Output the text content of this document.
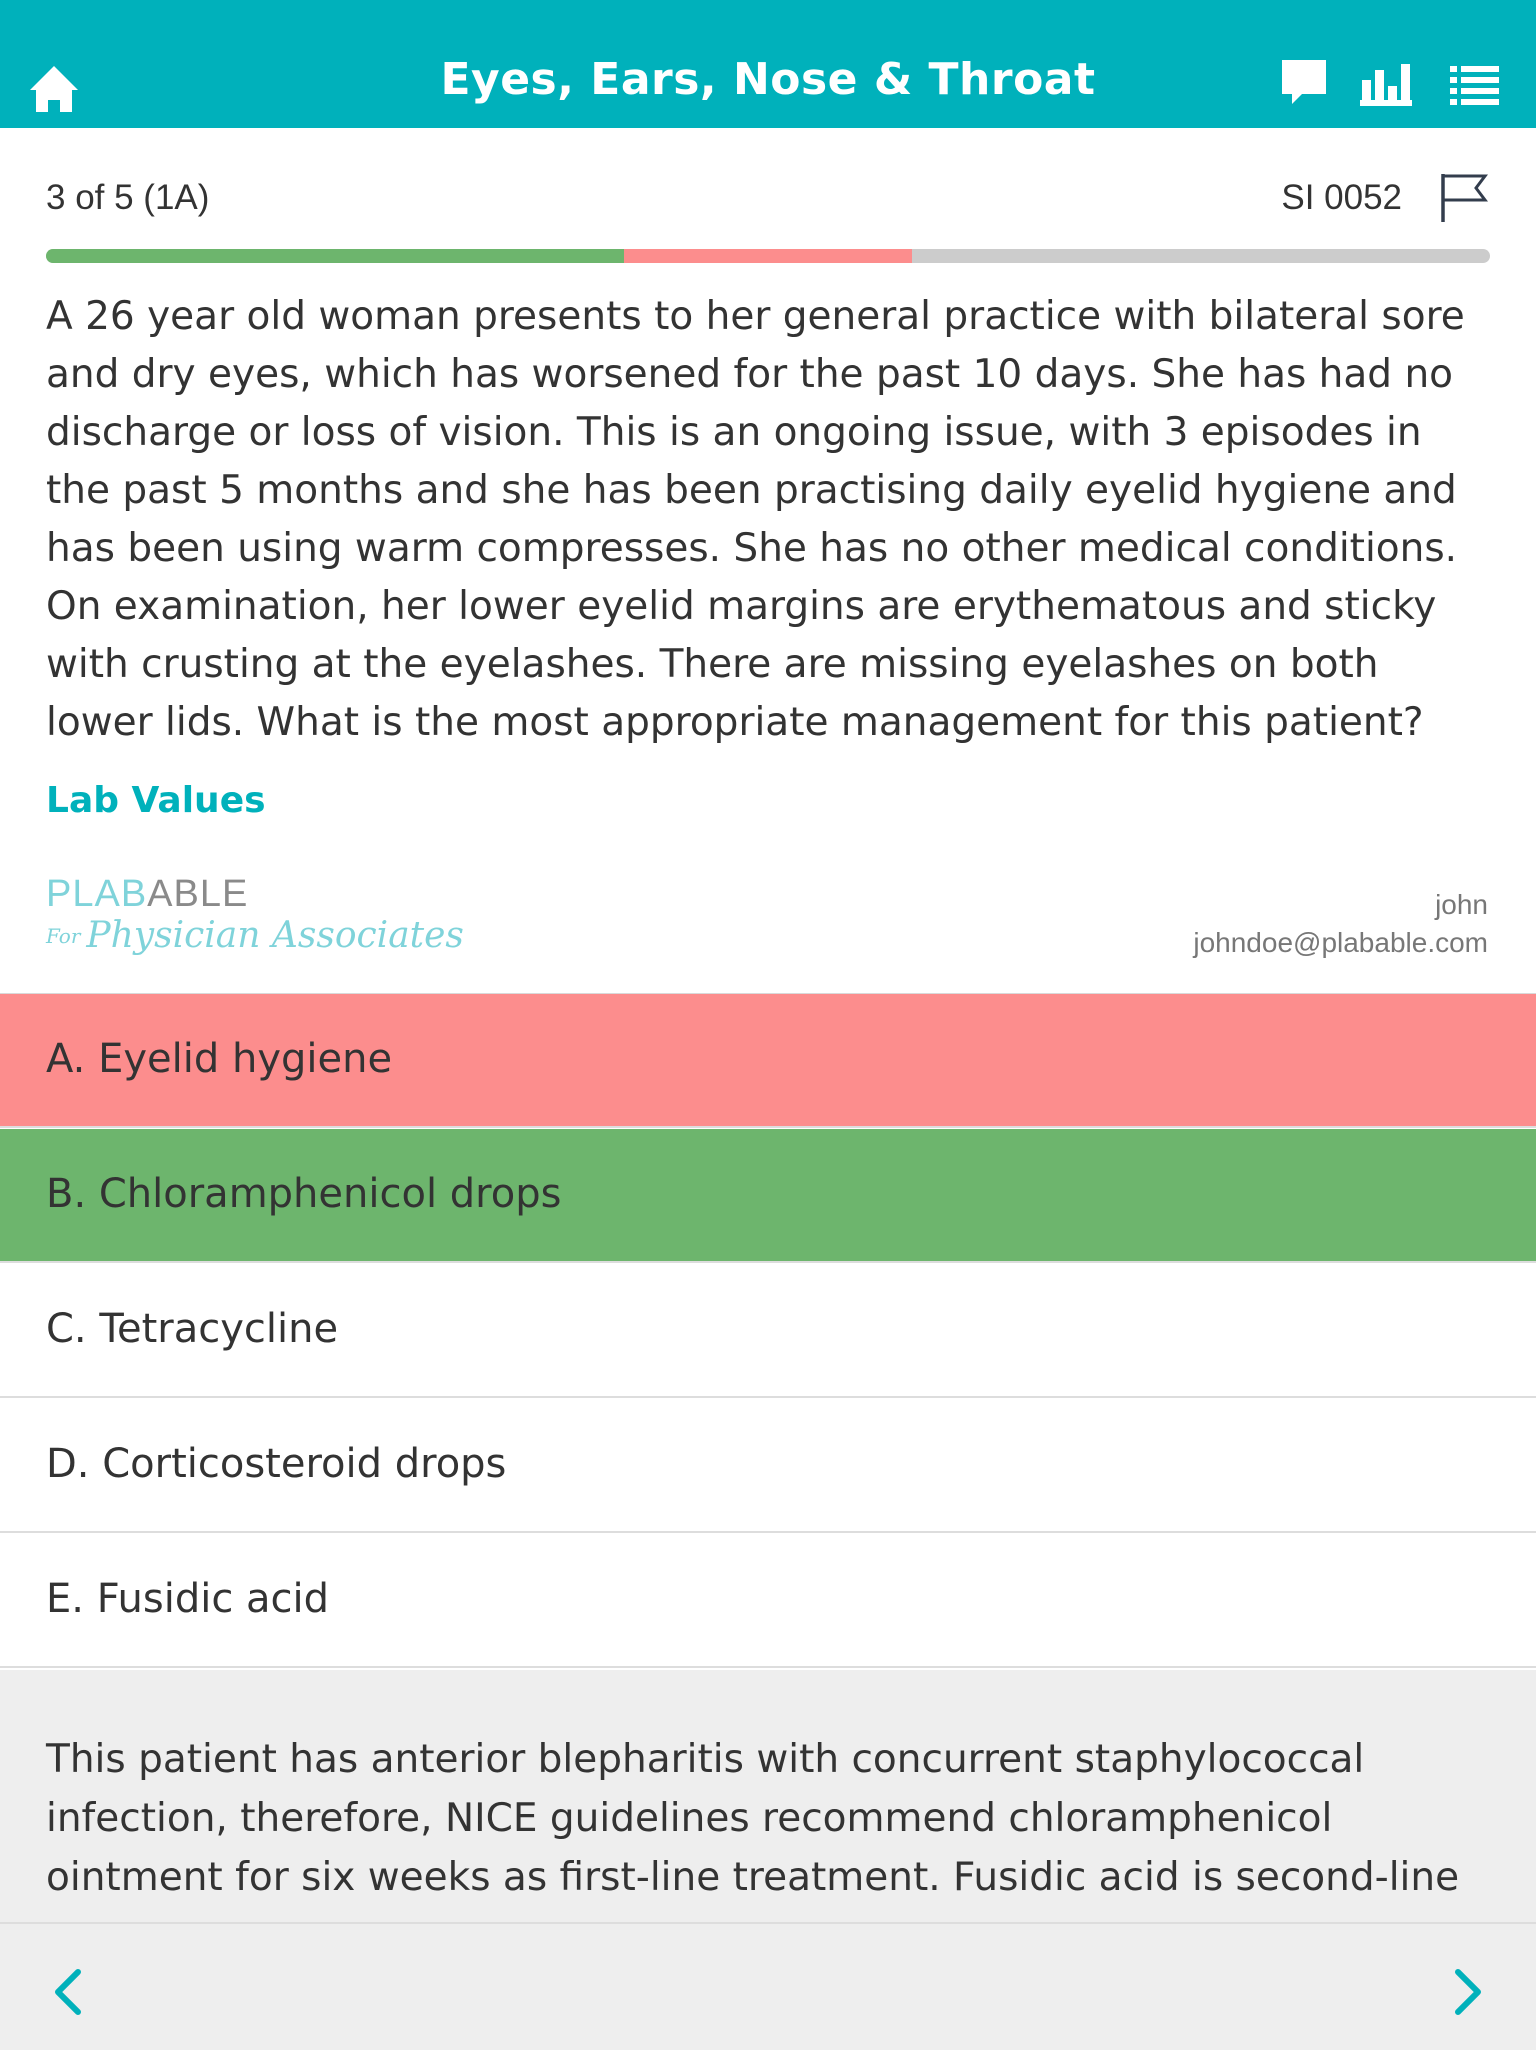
Eyes, Ears, Nose & Throat
3 of 5 (1A)	SI 0052
A 26 year old woman presents to her general practice with bilateral sore and dry eyes, which has worsened for the past 10 days. She has had no discharge or loss of vision. This is an ongoing issue, with 3 episodes in the past 5 months and she has been practising daily eyelid hygiene and has been using warm compresses. She has no other medical conditions. On examination, her lower eyelid margins are erythematous and sticky with crusting at the eyelashes. There are missing eyelashes on both lower lids. What is the most appropriate management for this patient?
Lab Values
PLABABLE
For Physician Associates
john
johndoe@plabable.com
A. Eyelid hygiene
B. Chloramphenicol drops
C. Tetracycline
D. Corticosteroid drops
E. Fusidic acid

This patient has anterior blepharitis with concurrent staphylococcal infection, therefore, NICE guidelines recommend chloramphenicol ointment for six weeks as first-line treatment. Fusidic acid is second-line
